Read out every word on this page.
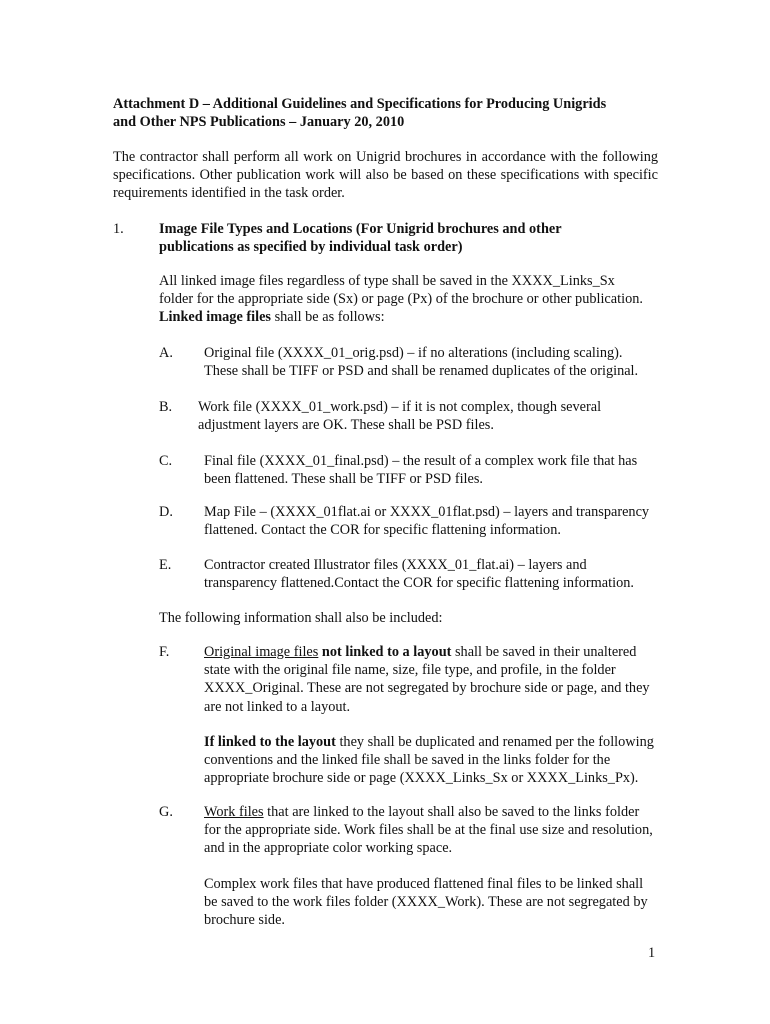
Attachment D – Additional Guidelines and Specifications for Producing Unigrids
and Other NPS Publications – January 20, 2010
The contractor shall perform all work on Unigrid brochures in accordance with the following specifications. Other publication work will also be based on these specifications with specific requirements identified in the task order.
1. Image File Types and Locations (For Unigrid brochures and other
publications as specified by individual task order)
All linked image files regardless of type shall be saved in the XXXX_Links_Sx
folder for the appropriate side (Sx) or page (Px) of the brochure or other publication.
Linked image files shall be as follows:
A. Original file (XXXX_01_orig.psd) – if no alterations (including scaling).
These shall be TIFF or PSD and shall be renamed duplicates of the original.
B. Work file (XXXX_01_work.psd) – if it is not complex, though several
adjustment layers are OK. These shall be PSD files.
C. Final file (XXXX_01_final.psd) – the result of a complex work file that has
been flattened. These shall be TIFF or PSD files.
D. Map File – (XXXX_01flat.ai or XXXX_01flat.psd) – layers and transparency
flattened. Contact the COR for specific flattening information.
E. Contractor created Illustrator files (XXXX_01_flat.ai) – layers and
transparency flattened.Contact the COR for specific flattening information.
The following information shall also be included:
F. Original image files not linked to a layout shall be saved in their unaltered
state with the original file name, size, file type, and profile, in the folder
XXXX_Original. These are not segregated by brochure side or page, and they
are not linked to a layout.
If linked to the layout they shall be duplicated and renamed per the following
conventions and the linked file shall be saved in the links folder for the
appropriate brochure side or page (XXXX_Links_Sx or XXXX_Links_Px).
G. Work files that are linked to the layout shall also be saved to the links folder
for the appropriate side. Work files shall be at the final use size and resolution,
and in the appropriate color working space.
Complex work files that have produced flattened final files to be linked shall
be saved to the work files folder (XXXX_Work). These are not segregated by
brochure side.
1
